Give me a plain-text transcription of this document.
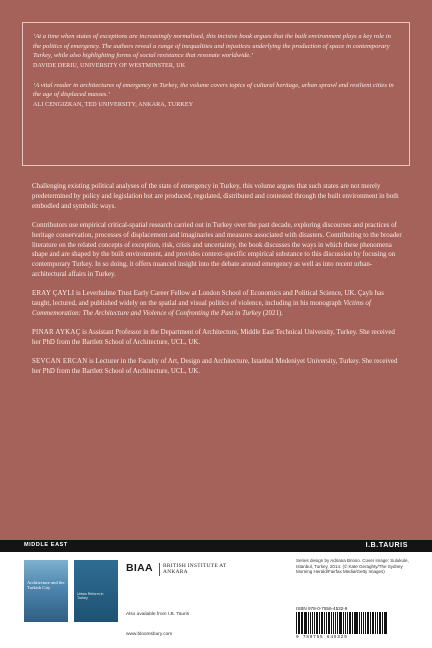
‘At a time when states of exceptions are increasingly normalised, this incisive book argues that the built environment plays a key role in the politics of emergency. The authors reveal a range of inequalities and injustices underlying the production of space in contemporary Turkey, while also highlighting forms of social resistance that resonate worldwide.’

DAVIDE DERIU, UNIVERSITY OF WESTMINSTER, UK

‘A vital reader in architectures of emergency in Turkey, the volume covers topics of cultural heritage, urban sprawl and resilient cities in the age of displaced masses.’

ALI CENGIZKAN, TED UNIVERSITY, ANKARA, TURKEY

Challenging existing political analyses of the state of emergency in Turkey, this volume argues that such states are not merely predetermined by policy and legislation but are produced, regulated, distributed and contested through the built environment in both embodied and symbolic ways.

Contributors use empirical critical-spatial research carried out in Turkey over the past decade, exploring discourses and practices of heritage conservation, processes of displacement and imaginaries and measures associated with disasters. Contributing to the broader literature on the related concepts of exception, risk, crisis and uncertainty, the book discusses the ways in which these phenomena shape and are shaped by the built environment, and provides context-specific empirical substance to this discussion by focusing on contemporary Turkey. In so doing, it offers nuanced insight into the debate around emergency as well as into recent urban-architectural affairs in Turkey.

ERAY ÇAYLI is Leverhulme Trust Early Career Fellow at London School of Economics and Political Science, UK. Çaylı has taught, lectured, and published widely on the spatial and visual politics of violence, including in his monograph Victims of Commemoration: The Architecture and Violence of Confronting the Past in Turkey (2021).

PINAR AYKAÇ is Assistant Professor in the Department of Architecture, Middle East Technical University, Turkey. She received her PhD from the Bartlett School of Architecture, UCL, UK.

SEVCAN ERCAN is Lecturer in the Faculty of Art, Design and Architecture, Istanbul Medeniyet University, Turkey. She received her PhD from the Bartlett School of Architecture, UCL, UK.

MIDDLE EAST	I.B.TAURIS
Architecture and the Turkish City
Urban Reform in Turkey
BIAA BRITISH INSTITUTE AT ANKARA
Also available from I.B. Tauris
www.bloomsbury.com
Series design by Adriana Brioso. Cover image: Sulukule, Istanbul, Turkey, 2014. (© Kate Geraghty/The Sydney Morning Herald/Fairfax Media/Getty Images)
ISBN 978-0-7556-4532-9
9 780755 645329
